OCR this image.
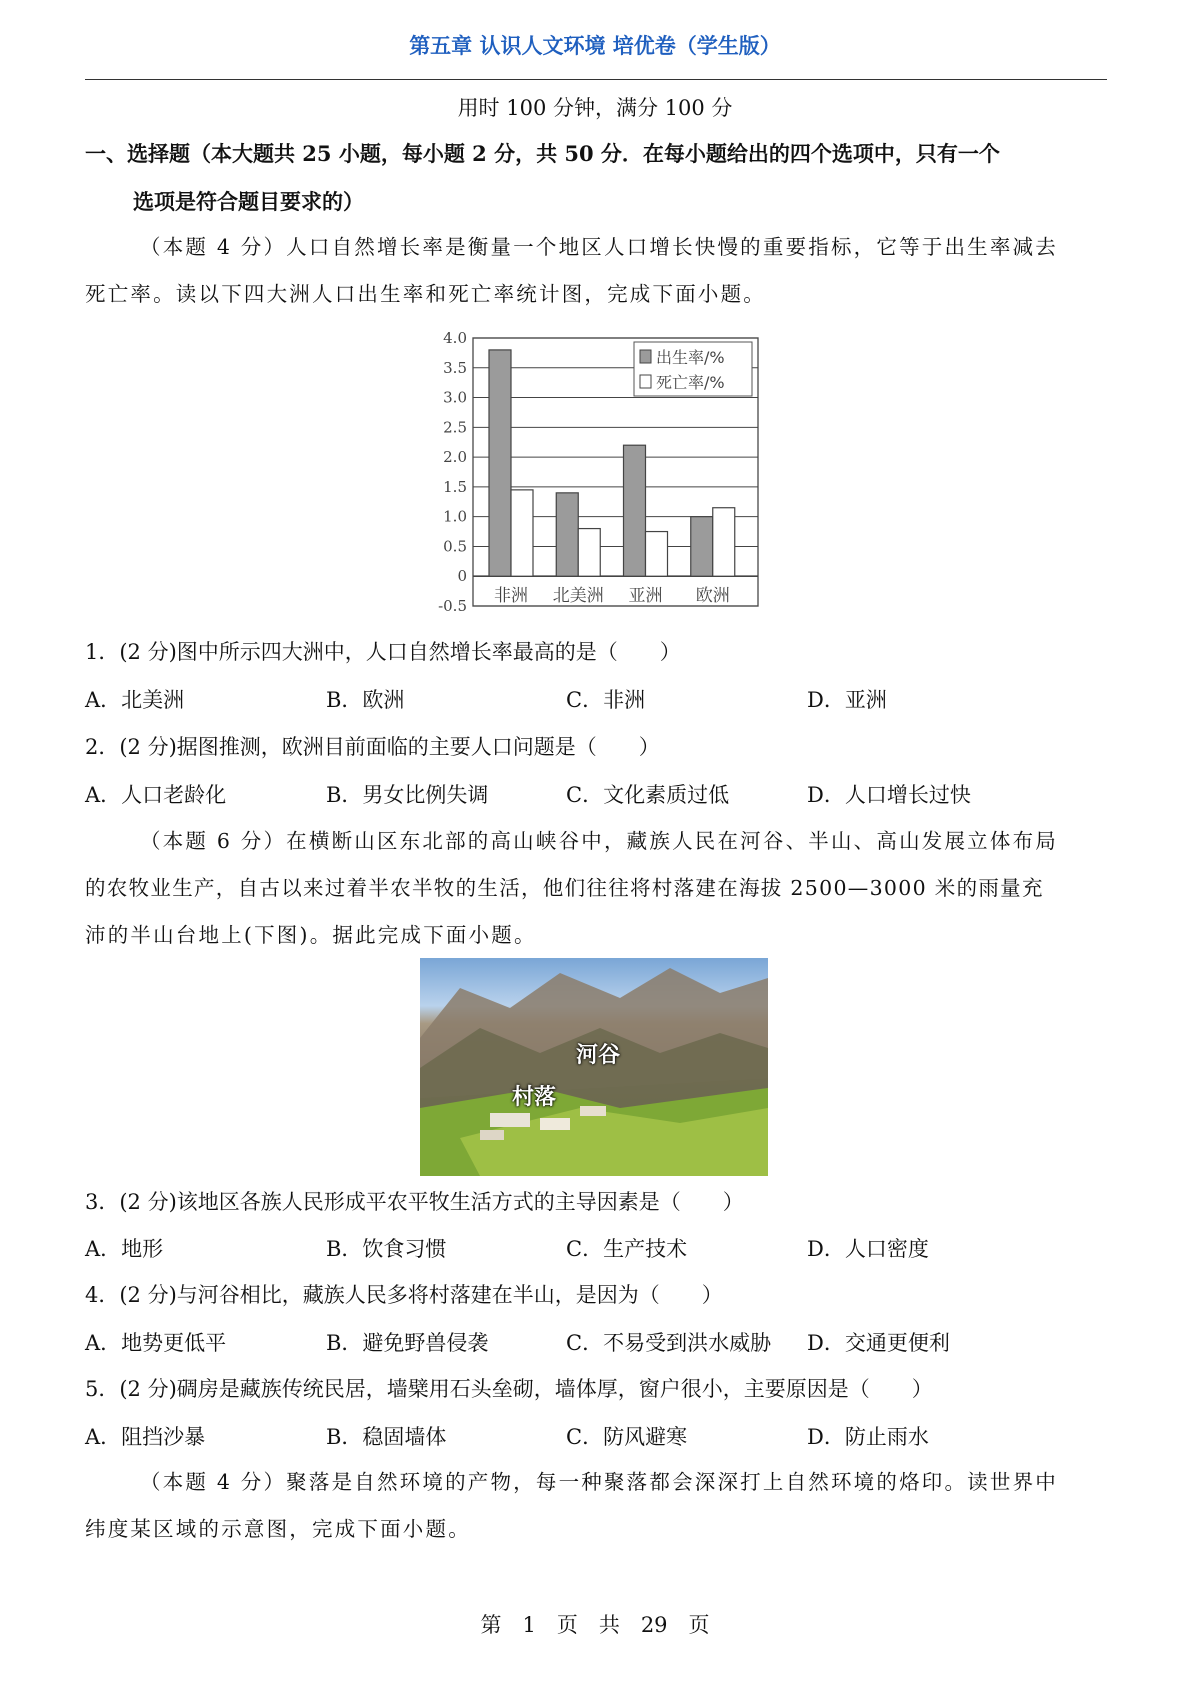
第五章 认识人文环境 培优卷（学生版）
用时 100 分钟，满分 100 分
一、选择题（本大题共 25 小题，每小题 2 分，共 50 分．在每小题给出的四个选项中，只有一个
选项是符合题目要求的）
（本题 4 分）人口自然增长率是衡量一个地区人口增长快慢的重要指标，它等于出生率减去
死亡率。读以下四大洲人口出生率和死亡率统计图，完成下面小题。
4.0
3.5
3.0
2.5
2.0
1.5
1.0
0.5
0
-0.5 非洲 北美洲 亚洲 欧洲
出生率/%
死亡率/%
1．(2 分)图中所示四大洲中，人口自然增长率最高的是（　　）
A．北美洲	B．欧洲	C．非洲	D．亚洲
2．(2 分)据图推测，欧洲目前面临的主要人口问题是（　　）
A．人口老龄化	B．男女比例失调	C．文化素质过低	D．人口增长过快
（本题 6 分）在横断山区东北部的高山峡谷中，藏族人民在河谷、半山、高山发展立体布局
的农牧业生产，自古以来过着半农半牧的生活，他们往往将村落建在海拔 2500—3000 米的雨量充
沛的半山台地上(下图)。据此完成下面小题。
河谷
村落
3．(2 分)该地区各族人民形成平农平牧生活方式的主导因素是（　　）
A．地形	B．饮食习惯	C．生产技术	D．人口密度
4．(2 分)与河谷相比，藏族人民多将村落建在半山，是因为（　　）
A．地势更低平	B．避免野兽侵袭	C．不易受到洪水威胁 D．交通更便利
5．(2 分)碉房是藏族传统民居，墙檗用石头垒砌，墙体厚，窗户很小，主要原因是（　　）
A．阻挡沙暴	B．稳固墙体	C．防风避寒	D．防止雨水
（本题 4 分）聚落是自然环境的产物，每一种聚落都会深深打上自然环境的烙印。读世界中
纬度某区域的示意图，完成下面小题。
第　1　页　共　29　页
